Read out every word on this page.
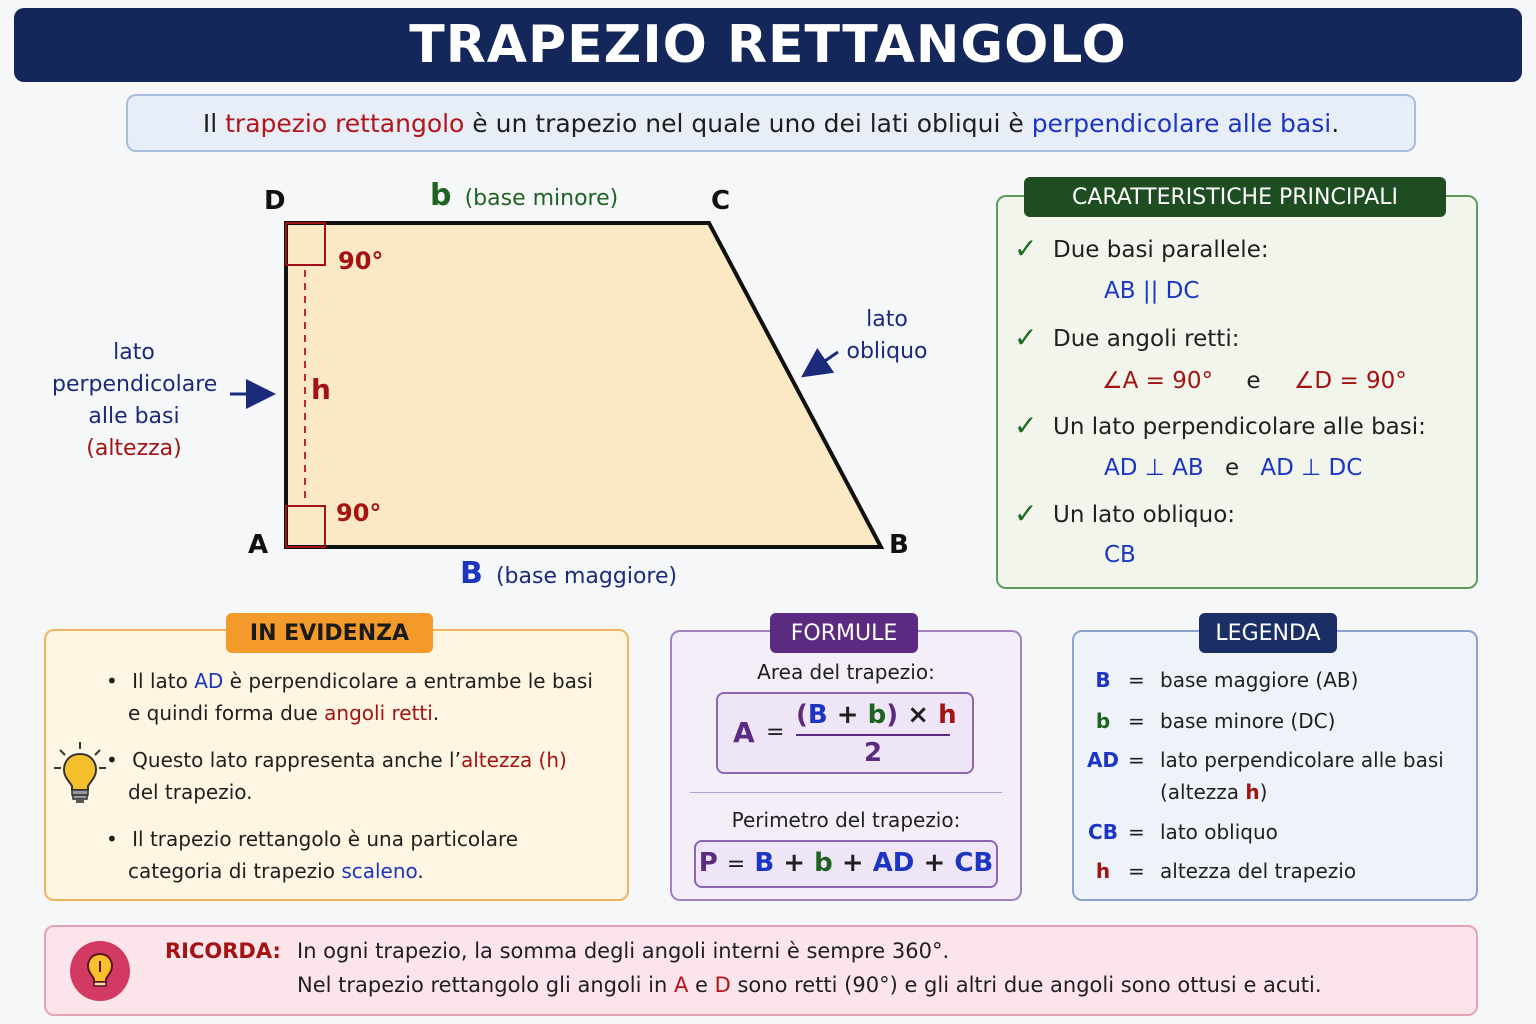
TRAPEZIO RETTANGOLO
Il trapezio rettangolo è un trapezio nel quale uno dei lati obliqui è perpendicolare alle basi .
D	C
A	B
b (base minore)
B (base maggiore)
90°
90°
h
lato
perpendicolare
alle basi
(altezza)
lato
obliquo
CARATTERISTICHE PRINCIPALI
✓ Due basi parallele:
AB || DC
✓ Due angoli retti:
∠A = 90° e ∠D = 90°
✓ Un lato perpendicolare alle basi:
AD ⊥ AB e AD ⊥ DC
✓ Un lato obliquo:
CB
IN EVIDENZA
• Il lato AD è perpendicolare a entrambe le basi
e quindi forma due angoli retti.
• Questo lato rappresenta anche l’altezza (h)
del trapezio.
• Il trapezio rettangolo è una particolare
categoria di trapezio scaleno.
FORMULE
Area del trapezio:
A =
(B + b) × h
2
Perimetro del trapezio:
P = B + b + AD + CB
LEGENDA
B = base maggiore (AB)
b = base minore (DC)
AD = lato perpendicolare alle basi
(altezza h)
CB = lato obliquo
h = altezza del trapezio
RICORDA: In ogni trapezio, la somma degli angoli interni è sempre 360°.
Nel trapezio rettangolo gli angoli in A e D sono retti (90°) e gli altri due angoli sono ottusi e acuti.
